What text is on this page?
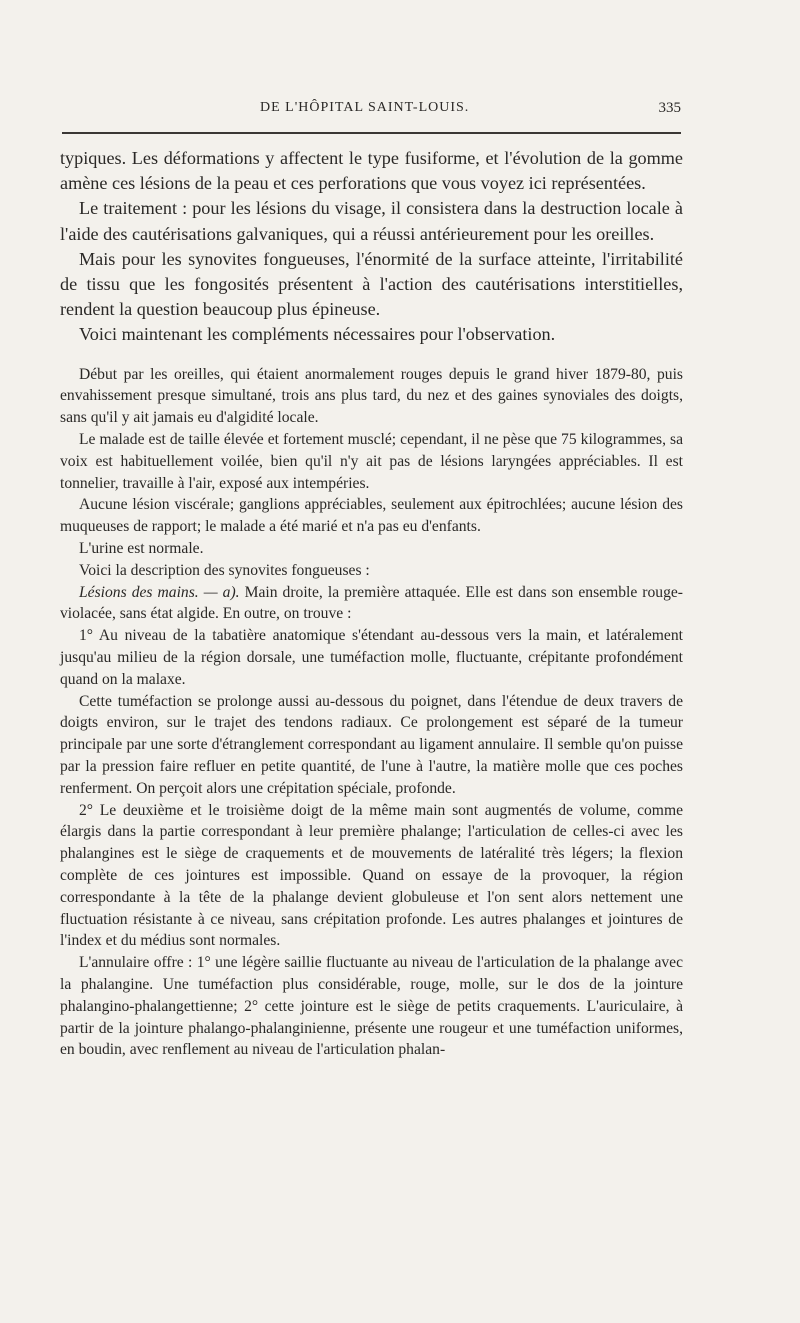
DE L'HÔPITAL SAINT-LOUIS.	335

typiques. Les déformations y affectent le type fusiforme, et l'évolution de la gomme amène ces lésions de la peau et ces perforations que vous voyez ici représentées.

Le traitement : pour les lésions du visage, il consistera dans la destruction locale à l'aide des cautérisations galvaniques, qui a réussi antérieurement pour les oreilles.

Mais pour les synovites fongueuses, l'énormité de la surface atteinte, l'irritabilité de tissu que les fongosités présentent à l'action des cautérisations interstitielles, rendent la question beaucoup plus épineuse.

Voici maintenant les compléments nécessaires pour l'observation.

Début par les oreilles, qui étaient anormalement rouges depuis le grand hiver 1879-80, puis envahissement presque simultané, trois ans plus tard, du nez et des gaines synoviales des doigts, sans qu'il y ait jamais eu d'algidité locale.

Le malade est de taille élevée et fortement musclé; cependant, il ne pèse que 75 kilogrammes, sa voix est habituellement voilée, bien qu'il n'y ait pas de lésions laryngées appréciables. Il est tonnelier, travaille à l'air, exposé aux intempéries.

Aucune lésion viscérale; ganglions appréciables, seulement aux épitrochlées; aucune lésion des muqueuses de rapport; le malade a été marié et n'a pas eu d'enfants.

L'urine est normale.

Voici la description des synovites fongueuses :

Lésions des mains. — a). Main droite, la première attaquée. Elle est dans son ensemble rouge-violacée, sans état algide. En outre, on trouve :

1° Au niveau de la tabatière anatomique s'étendant au-dessous vers la main, et latéralement jusqu'au milieu de la région dorsale, une tuméfaction molle, fluctuante, crépitante profondément quand on la malaxe.

Cette tuméfaction se prolonge aussi au-dessous du poignet, dans l'étendue de deux travers de doigts environ, sur le trajet des tendons radiaux. Ce prolongement est séparé de la tumeur principale par une sorte d'étranglement correspondant au ligament annulaire. Il semble qu'on puisse par la pression faire refluer en petite quantité, de l'une à l'autre, la matière molle que ces poches renferment. On perçoit alors une crépitation spéciale, profonde.

2° Le deuxième et le troisième doigt de la même main sont augmentés de volume, comme élargis dans la partie correspondant à leur première phalange; l'articulation de celles-ci avec les phalangines est le siège de craquements et de mouvements de latéralité très légers; la flexion complète de ces jointures est impossible. Quand on essaye de la provoquer, la région correspondante à la tête de la phalange devient globuleuse et l'on sent alors nettement une fluctuation résistante à ce niveau, sans crépitation profonde. Les autres phalanges et jointures de l'index et du médius sont normales.

L'annulaire offre : 1° une légère saillie fluctuante au niveau de l'articulation de la phalange avec la phalangine. Une tuméfaction plus considérable, rouge, molle, sur le dos de la jointure phalangino-phalangettienne; 2° cette jointure est le siège de petits craquements. L'auriculaire, à partir de la jointure phalango-phalanginienne, présente une rougeur et une tuméfaction uniformes, en boudin, avec renflement au niveau de l'articulation phalan-
